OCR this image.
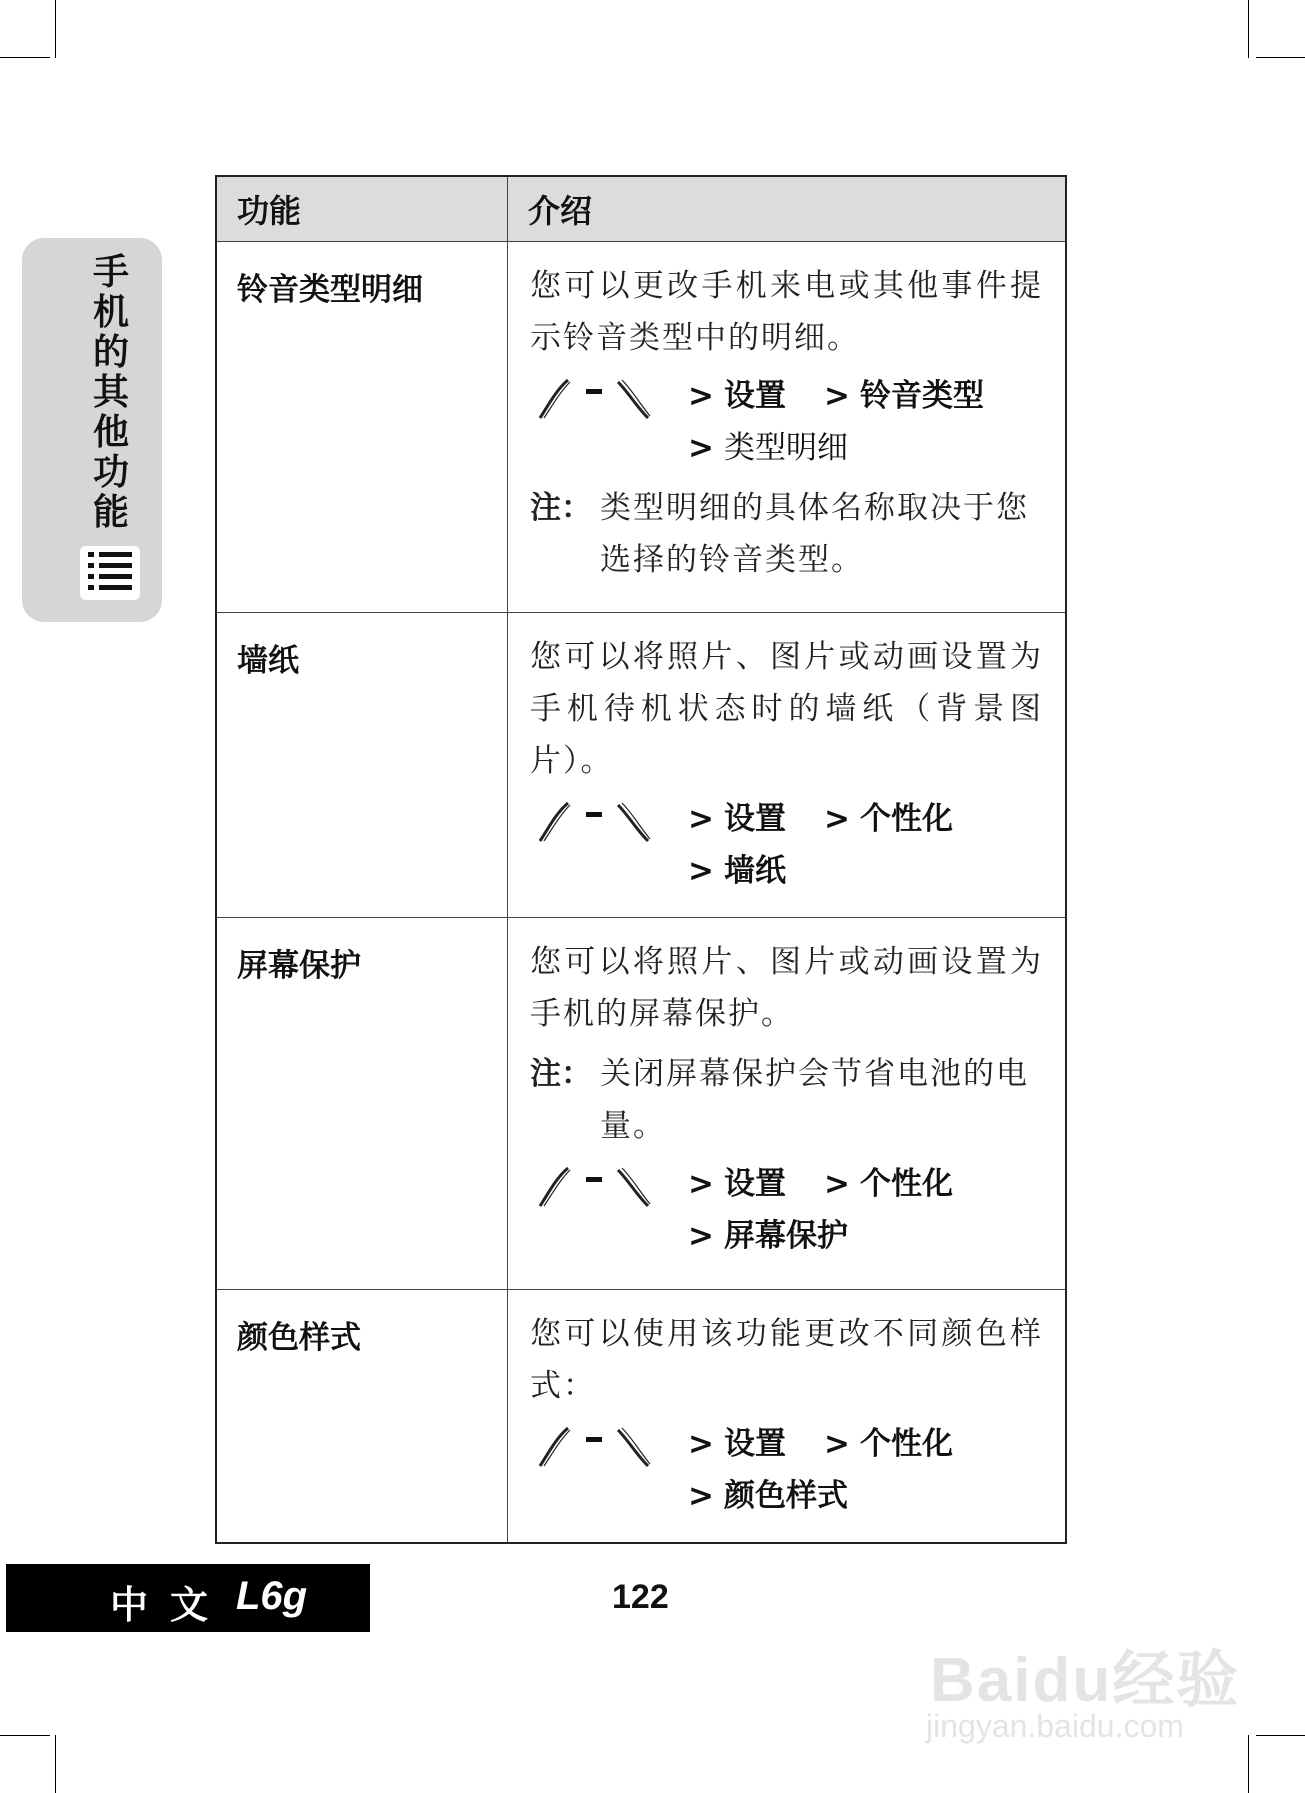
手机的其他功能
功能	介绍
铃音类型明细	您可以更改手机来电或其他事件提示铃音类型中的明细。
> 设置 > 铃音类型
> 类型明细
注： 类型明细的具体名称取决于您选择的铃音类型。

墙纸	您可以将照片、图片或动画设置为手机待机状态时的墙纸（背景图片）。
> 设置 > 个性化
> 墙纸

屏幕保护	您可以将照片、图片或动画设置为手机的屏幕保护。
注： 关闭屏幕保护会节省电池的电量。
> 设置 > 个性化
> 屏幕保护

颜色样式	您可以使用该功能更改不同颜色样式：
> 设置 > 个性化
> 颜色样式
中文 L6g	122
Baidu经验
jingyan.baidu.com
